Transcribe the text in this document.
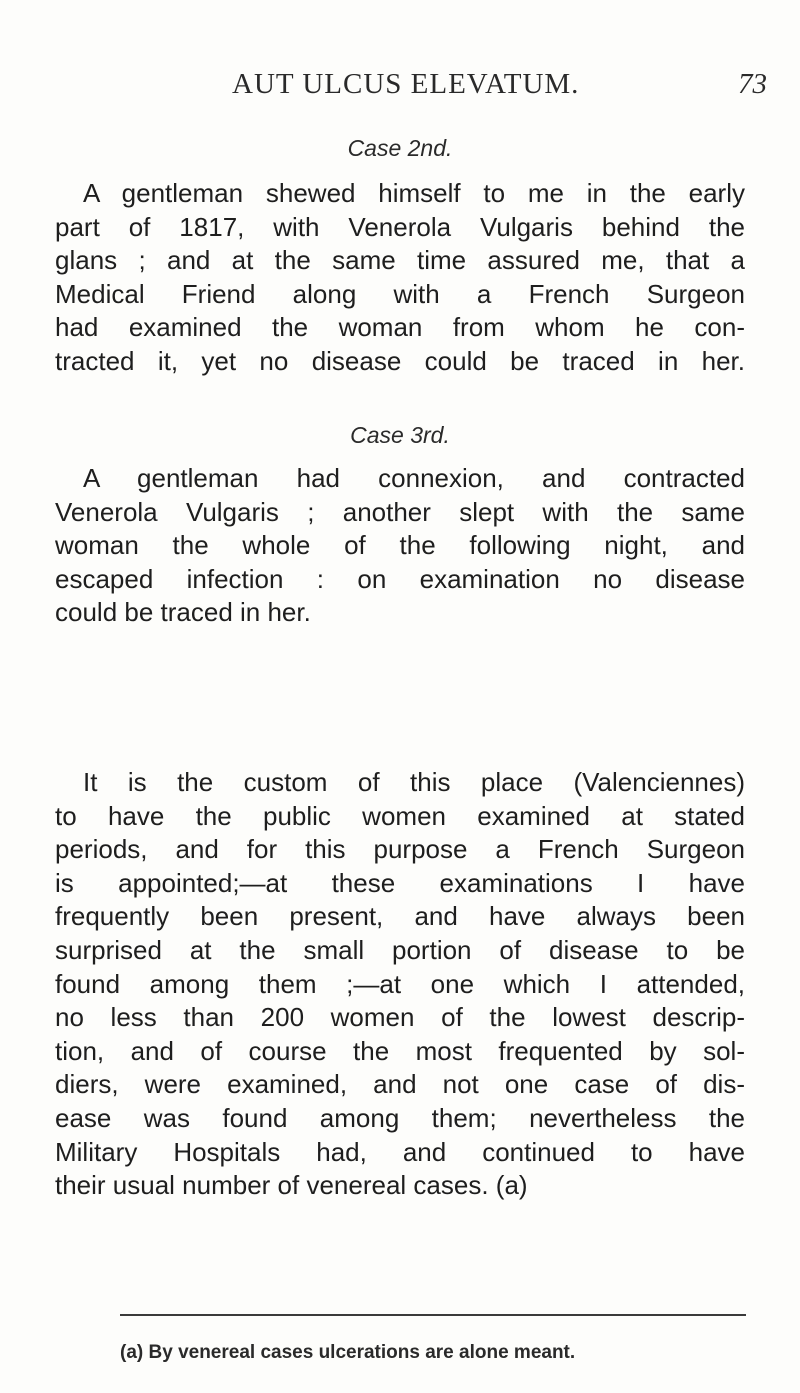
AUT ULCUS ELEVATUM.	73
Case 2nd.
A gentleman shewed himself to me in the early
part of 1817, with Venerola Vulgaris behind the
glans ; and at the same time assured me, that a
Medical Friend along with a French Surgeon
had examined the woman from whom he con-
tracted it, yet no disease could be traced in her.
Case 3rd.
A gentleman had connexion, and contracted
Venerola Vulgaris ; another slept with the same
woman the whole of the following night, and
escaped infection : on examination no disease
could be traced in her.
It is the custom of this place (Valenciennes)
to have the public women examined at stated
periods, and for this purpose a French Surgeon
is appointed;—at these examinations I have
frequently been present, and have always been
surprised at the small portion of disease to be
found among them ;—at one which I attended,
no less than 200 women of the lowest descrip-
tion, and of course the most frequented by sol-
diers, were examined, and not one case of dis-
ease was found among them; nevertheless the
Military Hospitals had, and continued to have
their usual number of venereal cases. (a)
(a) By venereal cases ulcerations are alone meant.
